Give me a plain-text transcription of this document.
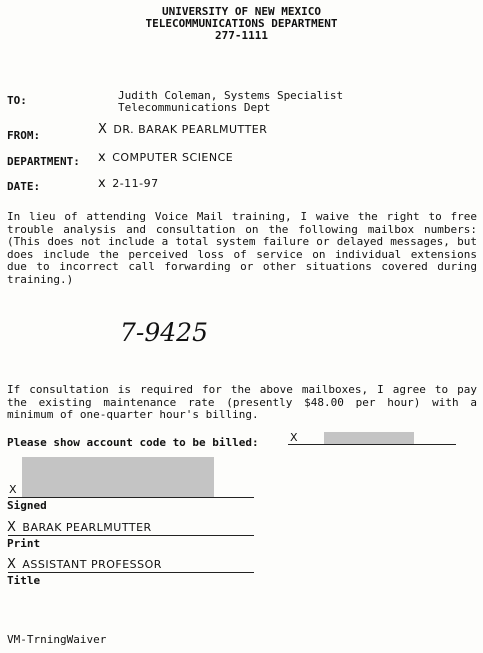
UNIVERSITY OF NEW MEXICO
TELECOMMUNICATIONS DEPARTMENT
277-1111
TO:	Judith Coleman, Systems Specialist
Telecommunications Dept
FROM:	X DR. BARAK PEARLMUTTER
DEPARTMENT: x COMPUTER SCIENCE
DATE:	x 2-11-97
In lieu of attending Voice Mail training, I waive the right to free trouble analysis and consultation on the following mailbox numbers: (This does not include a total system failure or delayed messages, but does include the perceived loss of service on individual extensions due to incorrect call forwarding or other situations covered during training.)
7-9425
If consultation is required for the above mailboxes, I agree to pay the existing maintenance rate (presently $48.00 per hour) with a minimum of one-quarter hour's billing.
Please show account code to be billed:	X
X
Signed
X BARAK PEARLMUTTER
Print
X ASSISTANT PROFESSOR
Title
VM-TrningWaiver
